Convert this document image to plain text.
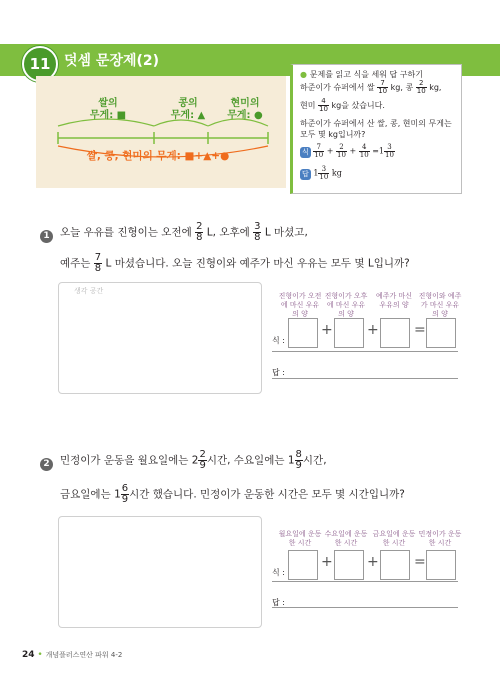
11 덧셈 문장제(2)
쌀의
무게: ■
콩의
무게: ▲
현미의
무게: ●
쌀, 콩, 현미의 무게: ■+▲+●
● 문제를 읽고 식을 세워 답 구하기
하준이가 슈퍼에서 쌀 $\frac{7}{10}$ kg, 콩 $\frac{2}{10}$ kg,
현미 $\frac{4}{10}$ kg을 샀습니다.
하준이가 슈퍼에서 산 쌀, 콩, 현미의 무게는
모두 몇 kg입니까?
식 $\frac{7}{10} + \frac{2}{10} + \frac{4}{10} =1 \frac{3}{10}$
답 $1 \frac{3}{10}$ kg
1 오늘 우유를 진형이는 오전에 $\frac{2}{8} L$, 오후에 $\frac{3}{8}$ L 마셨고,
예주는 $\frac{7}{8}$ L 마셨습니다. 오늘 진형이와 예주가 마신 우유는 모두 몇 L입니까?
생각 공간
진형이가 오전에 마신 우유의 양
진형이가 오후에 마신 우유의 양
예주가 마신 우유의 양
진형이와 예주가 마신 우유의 양
식 :
+ +	=
답 :
2 민정이가 운동을 월요일에는 $2 \frac{2}{9}$ 시간, 수요일에는 $1 \frac{8}{9}$ 시간,
금요일에는 $1 \frac{6}{9}$ 시간 했습니다. 민정이가 운동한 시간은 모두 몇 시간입니까?
월요일에 운동한 시간
수요일에 운동한 시간
금요일에 운동한 시간
민정이가 운동한 시간
식 :
+ +	=
답 :
24 • 개념플러스연산 파워 4-2
